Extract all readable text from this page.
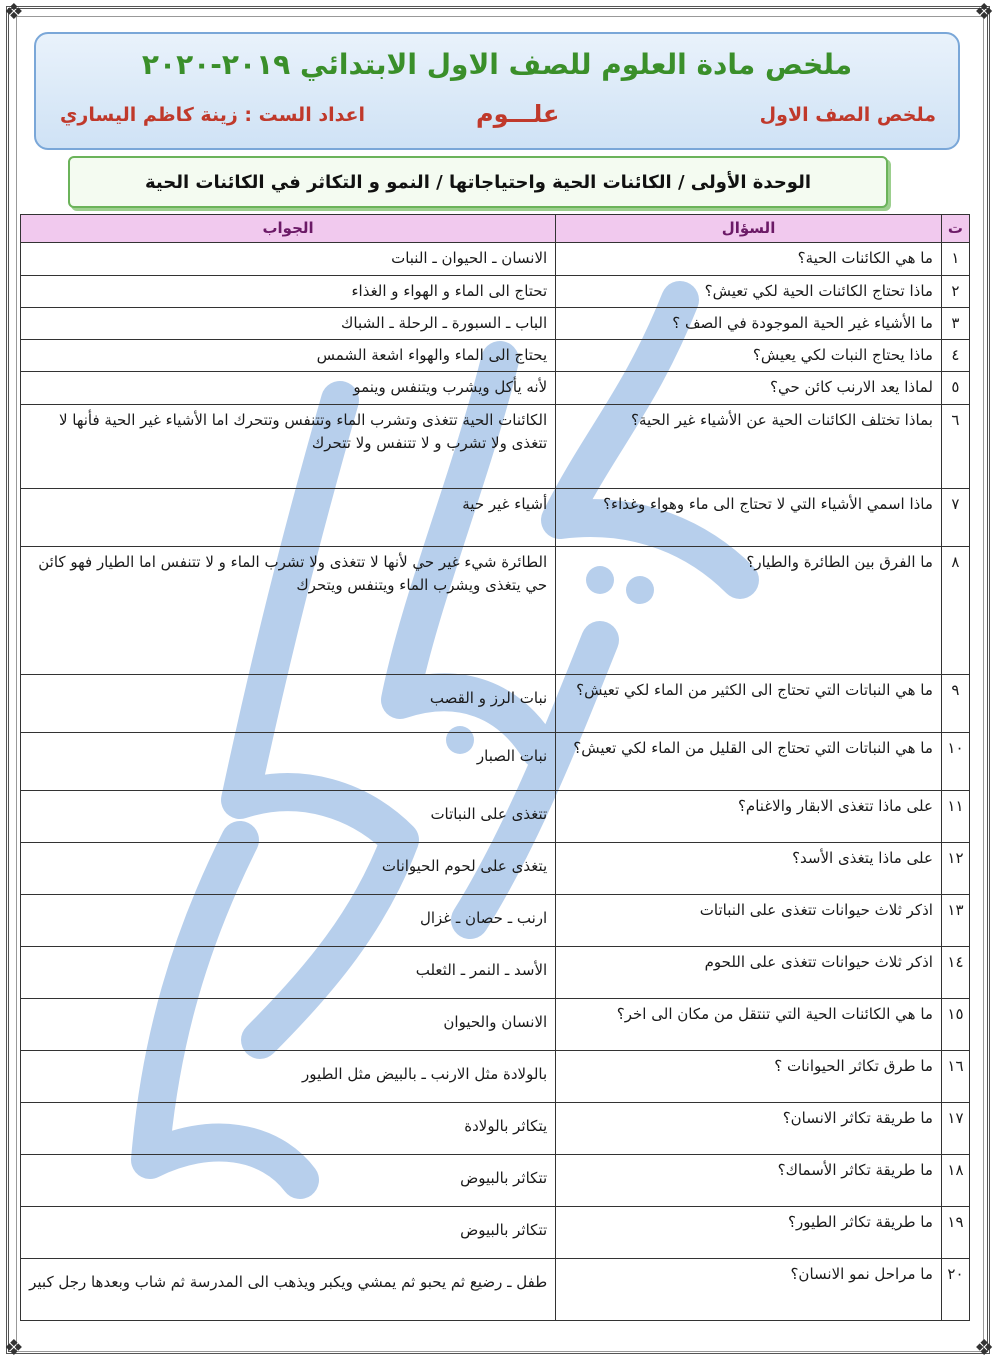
❖	❖
❖	❖
ملخص مادة العلوم للصف الاول الابتدائي ٢٠١٩-٢٠٢٠
ملخص الصف الاول
علـــوم
اعداد الست : زينة كاظم اليساري
الوحدة الأولى / الكائنات الحية واحتياجاتها / النمو و التكاثر في الكائنات الحية
ت	السؤال	الجواب
١	ما هي الكائنات الحية؟	الانسان ـ الحيوان ـ النبات
٢	ماذا تحتاج الكائنات الحية لكي تعيش؟	تحتاج الى الماء و الهواء و الغذاء
٣	ما الأشياء غير الحية الموجودة في الصف ؟	الباب ـ السبورة ـ الرحلة ـ الشباك
٤	ماذا يحتاج النبات لكي يعيش؟	يحتاج الى الماء والهواء اشعة الشمس
٥	لماذا يعد الارنب كائن حي؟	لأنه يأكل ويشرب ويتنفس وينمو
٦	بماذا تختلف الكائنات الحية عن الأشياء غير الحية؟	الكائنات الحية تتغذى وتشرب الماء وتتنفس وتتحرك اما الأشياء غير الحية فأنها لا تتغذى ولا تشرب و لا تتنفس ولا تتحرك
٧	ماذا اسمي الأشياء التي لا تحتاج الى ماء وهواء وغذاء؟	أشياء غير حية
٨	ما الفرق بين الطائرة والطيار؟	الطائرة شيء غير حي لأنها لا تتغذى ولا تشرب الماء و لا تتنفس اما الطيار فهو كائن حي يتغذى ويشرب الماء ويتنفس ويتحرك
٩	ما هي النباتات التي تحتاج الى الكثير من الماء لكي تعيش؟	نبات الرز و القصب
١٠	ما هي النباتات التي تحتاج الى القليل من الماء لكي تعيش؟	نبات الصبار
١١	على ماذا تتغذى الابقار والاغنام؟	تتغذى على النباتات
١٢	على ماذا يتغذى الأسد؟	يتغذى على لحوم الحيوانات
١٣	اذكر ثلاث حيوانات تتغذى على النباتات	ارنب ـ حصان ـ غزال
١٤	اذكر ثلاث حيوانات تتغذى على اللحوم	الأسد ـ النمر ـ الثعلب
١٥	ما هي الكائنات الحية التي تنتقل من مكان الى اخر؟	الانسان والحيوان
١٦	ما طرق تكاثر الحيوانات ؟	بالولادة مثل الارنب ـ بالبيض مثل الطيور
١٧	ما طريقة تكاثر الانسان؟	يتكاثر بالولادة
١٨	ما طريقة تكاثر الأسماك؟	تتكاثر بالبيوض
١٩	ما طريقة تكاثر الطيور؟	تتكاثر بالبيوض
٢٠	ما مراحل نمو الانسان؟	طفل ـ رضيع ثم يحبو ثم يمشي ويكبر ويذهب الى المدرسة ثم شاب وبعدها رجل كبير
